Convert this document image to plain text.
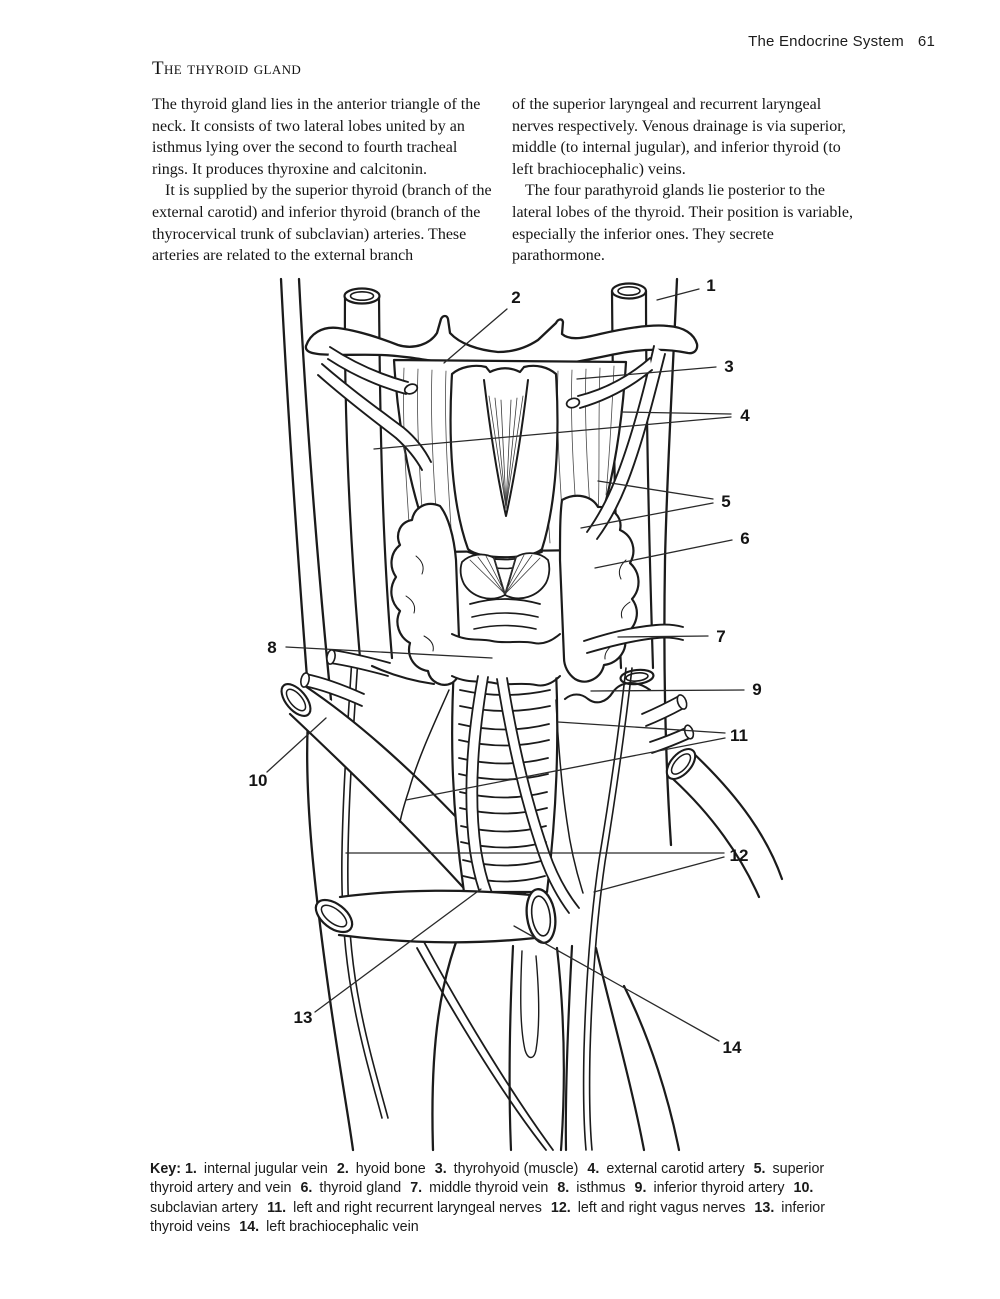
The Endocrine System 61
The thyroid gland

The thyroid gland lies in the anterior triangle of the neck. It consists of two lateral lobes united by an isthmus lying over the second to fourth tracheal rings. It produces thyroxine and calcitonin.

It is supplied by the superior thyroid (branch of the external carotid) and inferior thyroid (branch of the thyrocervical trunk of subclavian) arteries. These arteries are related to the external branch

of the superior laryngeal and recurrent laryngeal nerves respectively. Venous drainage is via superior, middle (to internal jugular), and inferior thyroid (to left brachiocephalic) veins.

The four parathyroid glands lie posterior to the lateral lobes of the thyroid. Their position is variable, especially the inferior ones. They secrete parathormone.

1
2
3
4
5
6
7
8
9
10
11
12
13
14
Key: 1. internal jugular vein 2. hyoid bone 3. thyrohyoid (muscle) 4. external carotid artery 5. superior thyroid artery and vein 6. thyroid gland 7. middle thyroid vein 8. isthmus 9. inferior thyroid artery 10. subclavian artery 11. left and right recurrent laryngeal nerves 12. left and right vagus nerves 13. inferior thyroid veins 14. left brachiocephalic vein
